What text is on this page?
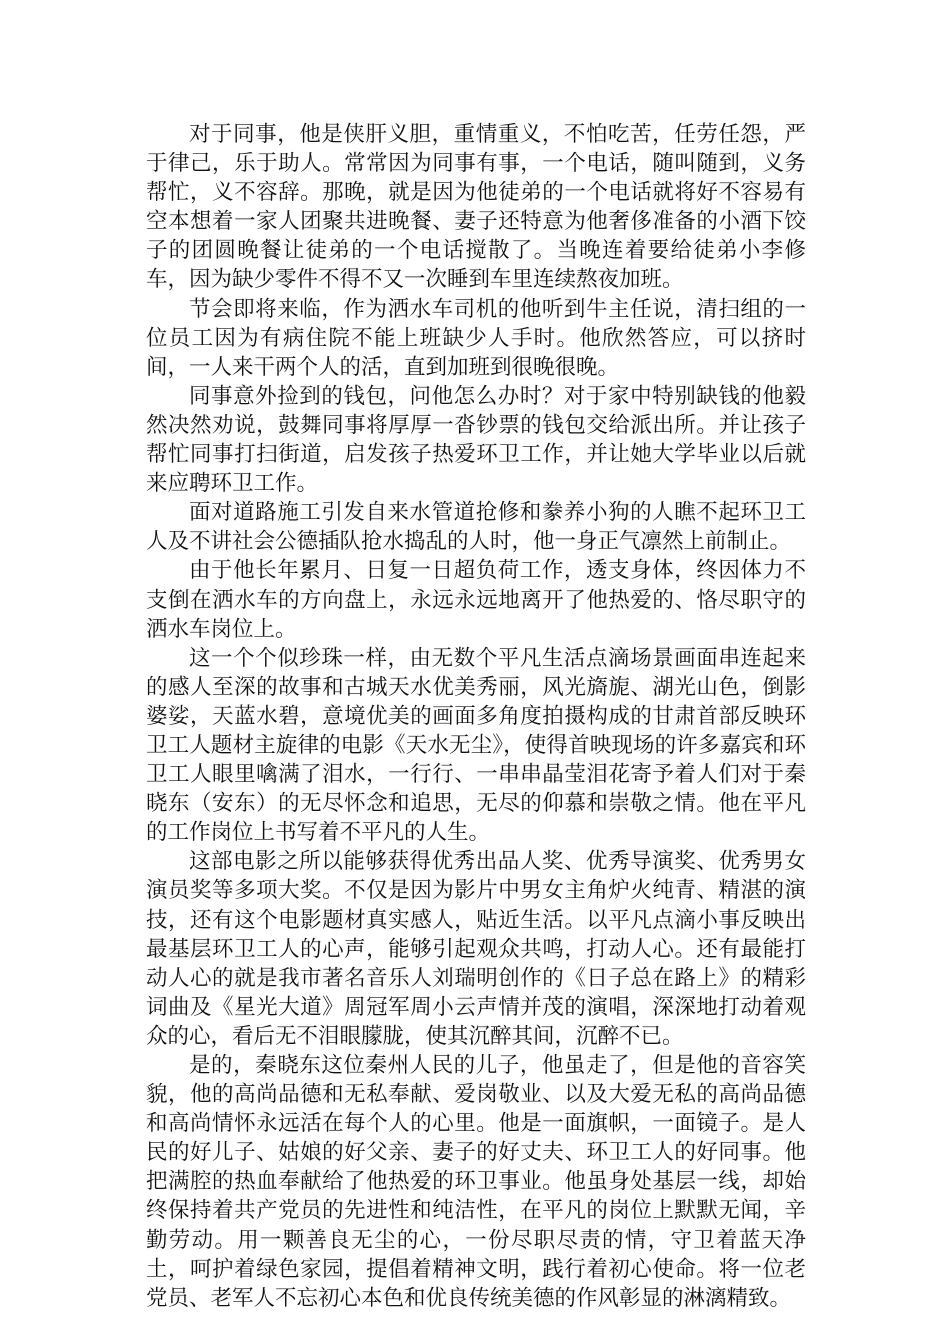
对于同事，他是侠肝义胆，重情重义，不怕吃苦，任劳任怨，严于律己，乐于助人。常常因为同事有事，一个电话，随叫随到，义务帮忙，义不容辞。那晚，就是因为他徒弟的一个电话就将好不容易有空本想着一家人团聚共进晚餐、妻子还特意为他奢侈准备的小酒下饺子的团圆晚餐让徒弟的一个电话搅散了。当晚连着要给徒弟小李修车，因为缺少零件不得不又一次睡到车里连续熬夜加班。

节会即将来临，作为洒水车司机的他听到牛主任说，清扫组的一位员工因为有病住院不能上班缺少人手时。他欣然答应，可以挤时间，一人来干两个人的活，直到加班到很晚很晚。

同事意外捡到的钱包，问他怎么办时？对于家中特别缺钱的他毅然决然劝说，鼓舞同事将厚厚一沓钞票的钱包交给派出所。并让孩子帮忙同事打扫街道，启发孩子热爱环卫工作，并让她大学毕业以后就来应聘环卫工作。

面对道路施工引发自来水管道抢修和豢养小狗的人瞧不起环卫工人及不讲社会公德插队抢水捣乱的人时，他一身正气凛然上前制止。

由于他长年累月、日复一日超负荷工作，透支身体，终因体力不支倒在洒水车的方向盘上，永远永远地离开了他热爱的、恪尽职守的洒水车岗位上。

这一个个似珍珠一样，由无数个平凡生活点滴场景画面串连起来的感人至深的故事和古城天水优美秀丽，风光旖旎、湖光山色，倒影婆娑，天蓝水碧，意境优美的画面多角度拍摄构成的甘肃首部反映环卫工人题材主旋律的电影《天水无尘》，使得首映现场的许多嘉宾和环卫工人眼里噙满了泪水，一行行、一串串晶莹泪花寄予着人们对于秦晓东（安东）的无尽怀念和追思，无尽的仰慕和崇敬之情。他在平凡的工作岗位上书写着不平凡的人生。

这部电影之所以能够获得优秀出品人奖、优秀导演奖、优秀男女演员奖等多项大奖。不仅是因为影片中男女主角炉火纯青、精湛的演技，还有这个电影题材真实感人，贴近生活。以平凡点滴小事反映出最基层环卫工人的心声，能够引起观众共鸣，打动人心。还有最能打动人心的就是我市著名音乐人刘瑞明创作的《日子总在路上》的精彩词曲及《星光大道》周冠军周小云声情并茂的演唱，深深地打动着观众的心，看后无不泪眼朦胧，使其沉醉其间，沉醉不已。

是的，秦晓东这位秦州人民的儿子，他虽走了，但是他的音容笑貌，他的高尚品德和无私奉献、爱岗敬业、以及大爱无私的高尚品德和高尚情怀永远活在每个人的心里。他是一面旗帜，一面镜子。是人民的好儿子、姑娘的好父亲、妻子的好丈夫、环卫工人的好同事。他把满腔的热血奉献给了他热爱的环卫事业。他虽身处基层一线，却始终保持着共产党员的先进性和纯洁性，在平凡的岗位上默默无闻，辛勤劳动。用一颗善良无尘的心，一份尽职尽责的情，守卫着蓝天净土，呵护着绿色家园，提倡着精神文明，践行着初心使命。将一位老党员、老军人不忘初心本色和优良传统美德的作风彰显的淋漓精致。
